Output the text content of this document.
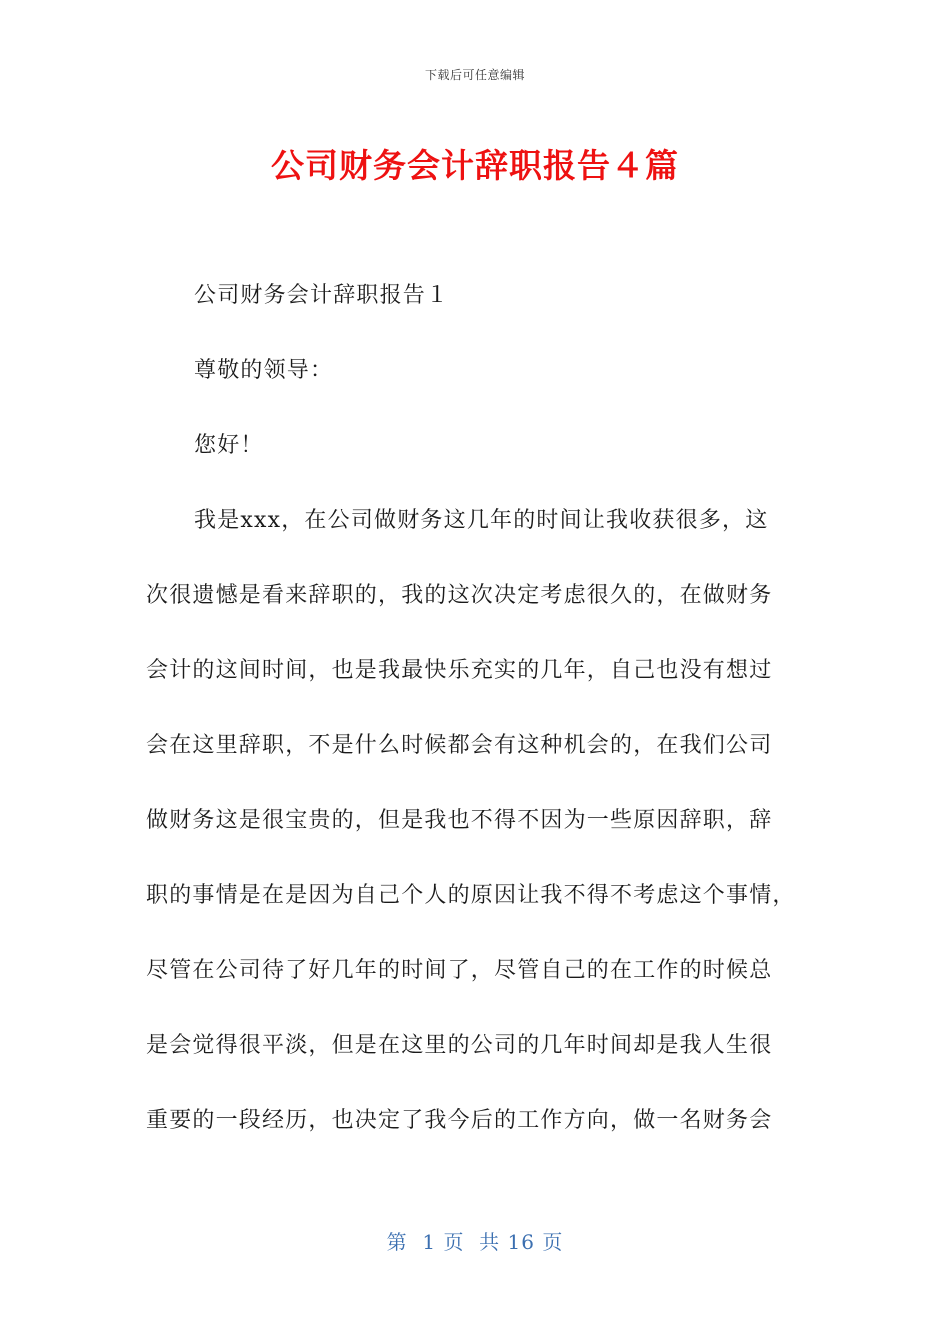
下载后可任意编辑
公司财务会计辞职报告４篇

公司财务会计辞职报告１

尊敬的领导：

您好！

我是xxx，在公司做财务这几年的时间让我收获很多，这

次很遗憾是看来辞职的，我的这次决定考虑很久的，在做财务

会计的这间时间，也是我最快乐充实的几年，自己也没有想过

会在这里辞职，不是什么时候都会有这种机会的，在我们公司

做财务这是很宝贵的，但是我也不得不因为一些原因辞职，辞

职的事情是在是因为自己个人的原因让我不得不考虑这个事情，

尽管在公司待了好几年的时间了，尽管自己的在工作的时候总

是会觉得很平淡，但是在这里的公司的几年时间却是我人生很

重要的一段经历，也决定了我今后的工作方向，做一名财务会

第  1 页  共 16 页
